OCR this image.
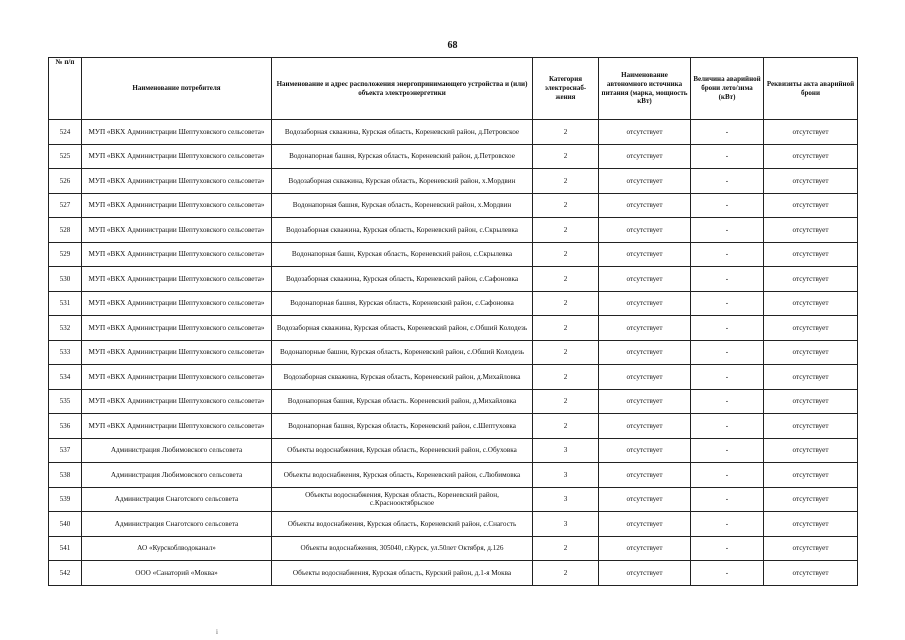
68
№ п/п	Наименование потребителя	Наименование и адрес расположения энергопринимающего устройства и (или) объекта электроэнергетики	Категория электроснаб-жения	Наименование автономного источника питания (марка, мощность кВт)	Величина аварийной брони лето/зима (кВт)	Реквизиты акта аварийной брони
524	МУП «ВКХ Администрации Шептуховского сельсовета»	Водозаборная скважина, Курская область, Кореневский район, д.Петровское	2	отсутствует	-	отсутствует
525	МУП «ВКХ Администрации Шептуховского сельсовета»	Водонапорная башня, Курская область, Кореневский район, д.Петровское	2	отсутствует	-	отсутствует
526	МУП «ВКХ Администрации Шептуховского сельсовета»	Водозаборная скважина, Курская область, Кореневский район, х.Мордвин	2	отсутствует	-	отсутствует
527	МУП «ВКХ Администрации Шептуховского сельсовета»	Водонапорная башня, Курская область, Кореневский район, х.Мордвин	2	отсутствует	-	отсутствует
528	МУП «ВКХ Администрации Шептуховского сельсовета»	Водозаборная скважина, Курская область, Кореневский район, с.Скрылевка	2	отсутствует	-	отсутствует
529	МУП «ВКХ Администрации Шептуховского сельсовета»	Водонапорная башн, Курская область, Кореневский район, с.Скрылевка	2	отсутствует	-	отсутствует
530	МУП «ВКХ Администрации Шептуховского сельсовета»	Водозаборная скважина, Курская область, Кореневский район, с.Сафоновка	2	отсутствует	-	отсутствует
531	МУП «ВКХ Администрации Шептуховского сельсовета»	Водонапорная башня, Курская область, Кореневский район, с.Сафоновка	2	отсутствует	-	отсутствует
532	МУП «ВКХ Администрации Шептуховского сельсовета»	Водозаборная скважина, Курская область, Кореневский район, с.Обший Колодезь	2	отсутствует	-	отсутствует
533	МУП «ВКХ Администрации Шептуховского сельсовета»	Водонапорные башни, Курская область, Кореневский район, с.Обший Колодезь	2	отсутствует	-	отсутствует
534	МУП «ВКХ Администрации Шептуховского сельсовета»	Водозаборная скважина, Курская область, Кореневский район, д.Михайловка	2	отсутствует	-	отсутствует
535	МУП «ВКХ Администрации Шептуховского сельсовета»	Водонапорная башня, Курская область. Кореневский район, д.Михайловка	2	отсутствует	-	отсутствует
536	МУП «ВКХ Администрации Шептуховского сельсовета»	Водонапорная башня, Курская область, Кореневский район, с.Шептуховка	2	отсутствует	-	отсутствует
537	Администрация Любимовского сельсовета	Объекты водоснабжения, Курская область, Кореневский район, с.Обуховка	3	отсутствует	-	отсутствует
538	Администрация Любимовского сельсовета	Объекты водоснабжения, Курская область, Кореневский район, с.Любимовка	3	отсутствует	-	отсутствует
539	Администрация Снаготского сельсовета	Объекты водоснабжения, Курская область, Кореневский район, с.Краснооктябрьское	3	отсутствует	-	отсутствует
540	Администрация Снаготского сельсовета	Объекты водоснабжения, Курская область, Кореневский район, с.Снагость	3	отсутствует	-	отсутствует
541	АО «Курскоблводоканал»	Объекты водоснабжения, 305040, г.Курск, ул.50лет Октября, д.126	2	отсутствует	-	отсутствует
542	ООО «Санаторий «Моква»	Объекты водоснабжения, Курская область, Курский район, д.1-я Моква	2	отсутствует	-	отсутствует
i
